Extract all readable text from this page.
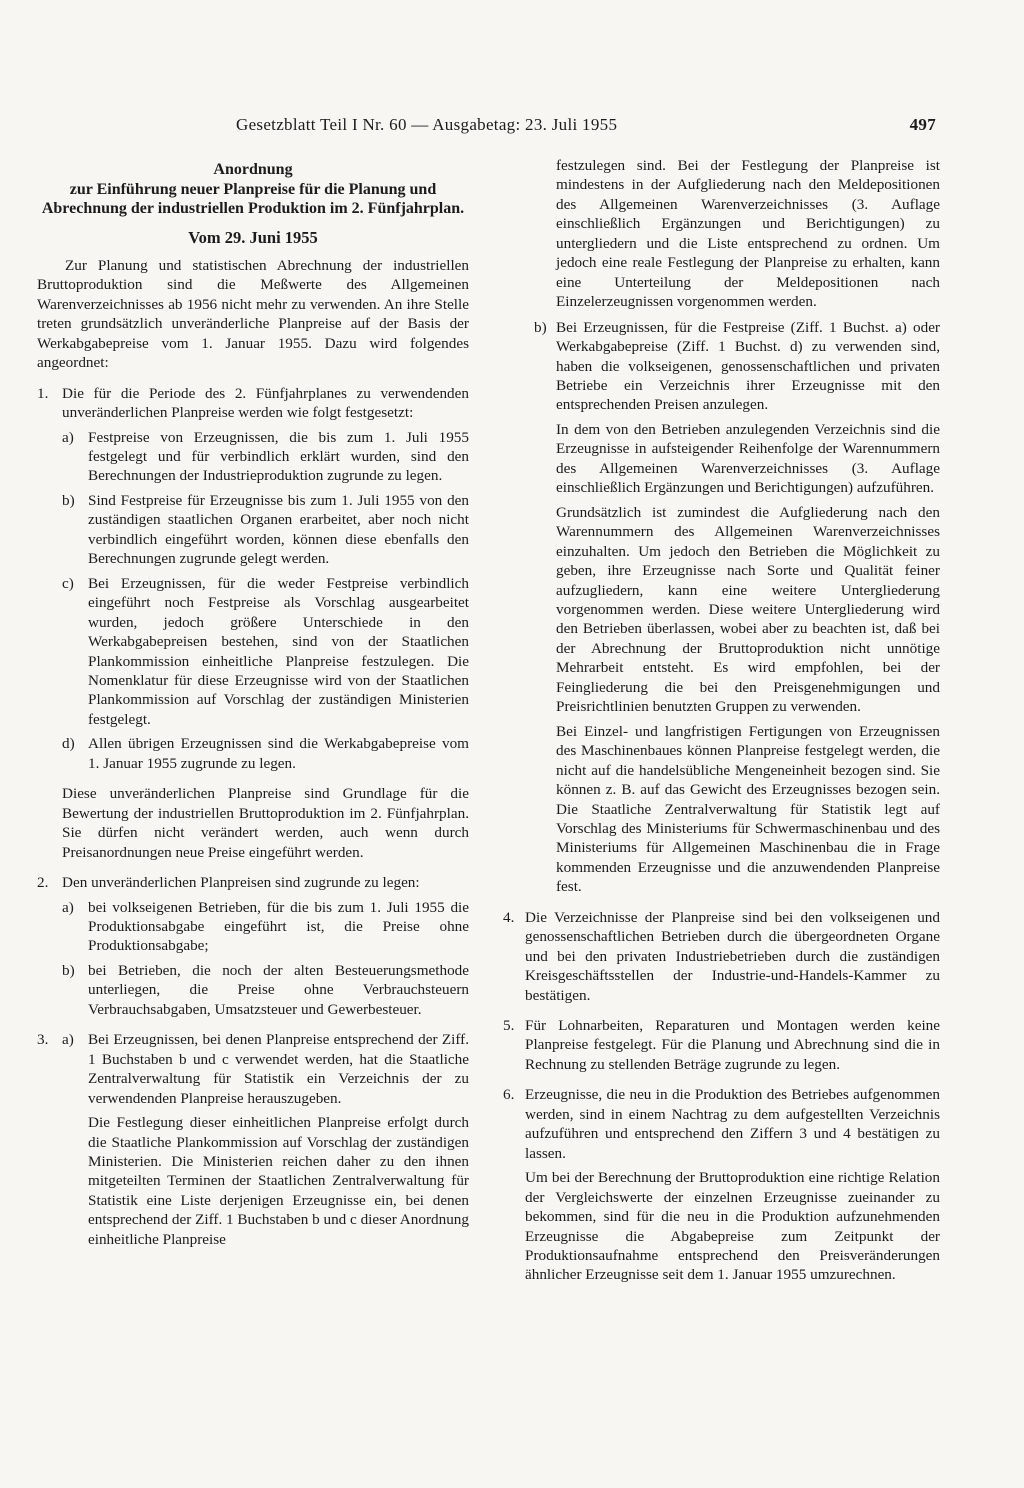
Gesetzblatt Teil I Nr. 60 — Ausgabetag: 23. Juli 1955	497

Anordnung
zur Einführung neuer Planpreise für die Planung und Abrechnung der industriellen Produktion im 2. Fünfjahrplan.

Vom 29. Juni 1955

Zur Planung und statistischen Abrechnung der industriellen Bruttoproduktion sind die Meßwerte des Allgemeinen Warenverzeichnisses ab 1956 nicht mehr zu verwenden. An ihre Stelle treten grundsätzlich unveränderliche Planpreise auf der Basis der Werkabgabepreise vom 1. Januar 1955. Dazu wird folgendes angeordnet:

1. Die für die Periode des 2. Fünfjahrplanes zu verwendenden unveränderlichen Planpreise werden wie folgt festgesetzt:

a) Festpreise von Erzeugnissen, die bis zum 1. Juli 1955 festgelegt und für verbindlich erklärt wurden, sind den Berechnungen der Industrieproduktion zugrunde zu legen.
b) Sind Festpreise für Erzeugnisse bis zum 1. Juli 1955 von den zuständigen staatlichen Organen erarbeitet, aber noch nicht verbindlich eingeführt worden, können diese ebenfalls den Berechnungen zugrunde gelegt werden.
c) Bei Erzeugnissen, für die weder Festpreise verbindlich eingeführt noch Festpreise als Vorschlag ausgearbeitet wurden, jedoch größere Unterschiede in den Werkabgabepreisen bestehen, sind von der Staatlichen Plankommission einheitliche Planpreise festzulegen. Die Nomenklatur für diese Erzeugnisse wird von der Staatlichen Plankommission auf Vorschlag der zuständigen Ministerien festgelegt.
d) Allen übrigen Erzeugnissen sind die Werkabgabepreise vom 1. Januar 1955 zugrunde zu legen.

Diese unveränderlichen Planpreise sind Grundlage für die Bewertung der industriellen Bruttoproduktion im 2. Fünfjahrplan. Sie dürfen nicht verändert werden, auch wenn durch Preisanordnungen neue Preise eingeführt werden.

2. Den unveränderlichen Planpreisen sind zugrunde zu legen:

a) bei volkseigenen Betrieben, für die bis zum 1. Juli 1955 die Produktionsabgabe eingeführt ist, die Preise ohne Produktionsabgabe;
b) bei Betrieben, die noch der alten Besteuerungsmethode unterliegen, die Preise ohne Verbrauchsteuern Verbrauchsabgaben, Umsatzsteuer und Gewerbesteuer.
3. a) Bei Erzeugnissen, bei denen Planpreise entsprechend der Ziff. 1 Buchstaben b und c verwendet werden, hat die Staatliche Zentralverwaltung für Statistik ein Verzeichnis der zu verwendenden Planpreise herauszugeben.

Die Festlegung dieser einheitlichen Planpreise erfolgt durch die Staatliche Plankommission auf Vorschlag der zuständigen Ministerien. Die Ministerien reichen daher zu den ihnen mitgeteilten Terminen der Staatlichen Zentralverwaltung für Statistik eine Liste derjenigen Erzeugnisse ein, bei denen entsprechend der Ziff. 1 Buchstaben b und c dieser Anordnung einheitliche Planpreise

festzulegen sind. Bei der Festlegung der Planpreise ist mindestens in der Aufgliederung nach den Meldepositionen des Allgemeinen Warenverzeichnisses (3. Auflage einschließlich Ergänzungen und Berichtigungen) zu untergliedern und die Liste entsprechend zu ordnen. Um jedoch eine reale Festlegung der Planpreise zu erhalten, kann eine Unterteilung der Meldepositionen nach Einzelerzeugnissen vorgenommen werden.

b) Bei Erzeugnissen, für die Festpreise (Ziff. 1 Buchst. a) oder Werkabgabepreise (Ziff. 1 Buchst. d) zu verwenden sind, haben die volkseigenen, genossenschaftlichen und privaten Betriebe ein Verzeichnis ihrer Erzeugnisse mit den entsprechenden Preisen anzulegen.

In dem von den Betrieben anzulegenden Verzeichnis sind die Erzeugnisse in aufsteigender Reihenfolge der Warennummern des Allgemeinen Warenverzeichnisses (3. Auflage einschließlich Ergänzungen und Berichtigungen) aufzuführen.

Grundsätzlich ist zumindest die Aufgliederung nach den Warennummern des Allgemeinen Warenverzeichnisses einzuhalten. Um jedoch den Betrieben die Möglichkeit zu geben, ihre Erzeugnisse nach Sorte und Qualität feiner aufzugliedern, kann eine weitere Untergliederung vorgenommen werden. Diese weitere Untergliederung wird den Betrieben überlassen, wobei aber zu beachten ist, daß bei der Abrechnung der Bruttoproduktion nicht unnötige Mehrarbeit entsteht. Es wird empfohlen, bei der Feingliederung die bei den Preisgenehmigungen und Preisrichtlinien benutzten Gruppen zu verwenden.

Bei Einzel- und langfristigen Fertigungen von Erzeugnissen des Maschinenbaues können Planpreise festgelegt werden, die nicht auf die handelsübliche Mengeneinheit bezogen sind. Sie können z. B. auf das Gewicht des Erzeugnisses bezogen sein. Die Staatliche Zentralverwaltung für Statistik legt auf Vorschlag des Ministeriums für Schwermaschinenbau und des Ministeriums für Allgemeinen Maschinenbau die in Frage kommenden Erzeugnisse und die anzuwendenden Planpreise fest.

4. Die Verzeichnisse der Planpreise sind bei den volkseigenen und genossenschaftlichen Betrieben durch die übergeordneten Organe und bei den privaten Industriebetrieben durch die zuständigen Kreisgeschäftsstellen der Industrie-und-Handels-Kammer zu bestätigen.
5. Für Lohnarbeiten, Reparaturen und Montagen werden keine Planpreise festgelegt. Für die Planung und Abrechnung sind die in Rechnung zu stellenden Beträge zugrunde zu legen.
6. Erzeugnisse, die neu in die Produktion des Betriebes aufgenommen werden, sind in einem Nachtrag zu dem aufgestellten Verzeichnis aufzuführen und entsprechend den Ziffern 3 und 4 bestätigen zu lassen.

Um bei der Berechnung der Bruttoproduktion eine richtige Relation der Vergleichswerte der einzelnen Erzeugnisse zueinander zu bekommen, sind für die neu in die Produktion aufzunehmenden Erzeugnisse die Abgabepreise zum Zeitpunkt der Produktionsaufnahme entsprechend den Preisveränderungen ähnlicher Erzeugnisse seit dem 1. Januar 1955 umzurechnen.
